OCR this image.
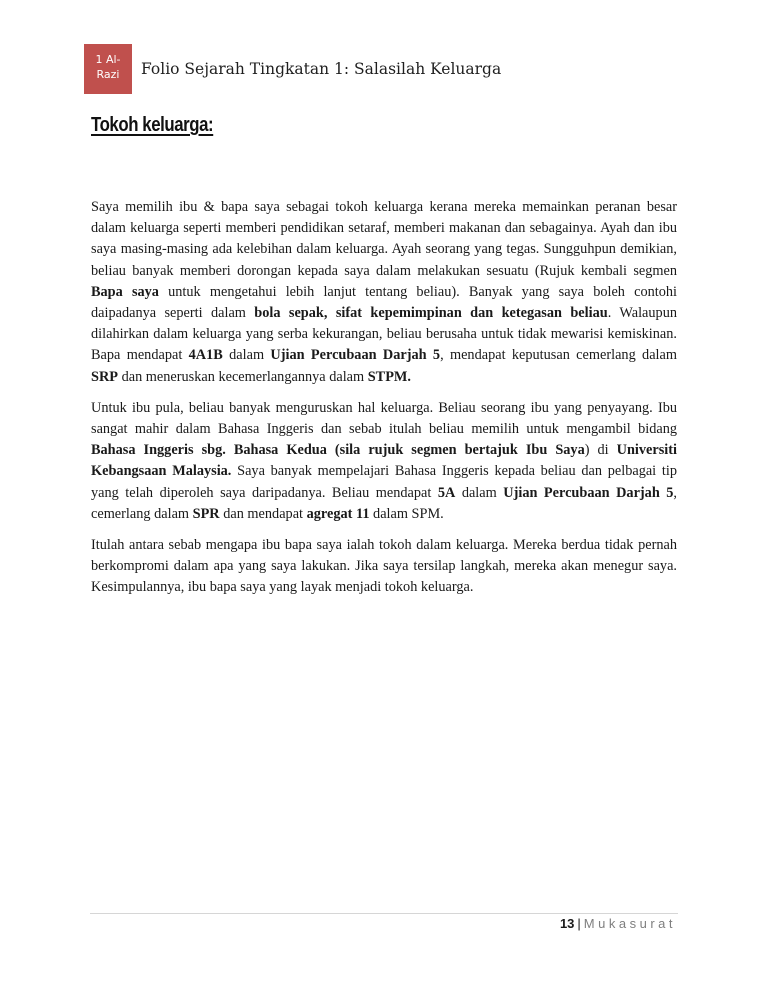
1 Al-
Razi	Folio Sejarah Tingkatan 1: Salasilah Keluarga
Tokoh keluarga:

Saya memilih ibu & bapa saya sebagai tokoh keluarga kerana mereka memainkan peranan besar dalam keluarga seperti memberi pendidikan setaraf, memberi makanan dan sebagainya. Ayah dan ibu saya masing-masing ada kelebihan dalam keluarga. Ayah seorang yang tegas. Sungguhpun demikian, beliau banyak memberi dorongan kepada saya dalam melakukan sesuatu (Rujuk kembali segmen Bapa saya untuk mengetahui lebih lanjut tentang beliau). Banyak yang saya boleh contohi daipadanya seperti dalam bola sepak, sifat kepemimpinan dan ketegasan beliau. Walaupun dilahirkan dalam keluarga yang serba kekurangan, beliau berusaha untuk tidak mewarisi kemiskinan. Bapa mendapat 4A1B dalam Ujian Percubaan Darjah 5, mendapat keputusan cemerlang dalam SRP dan meneruskan kecemerlangannya dalam STPM.

Untuk ibu pula, beliau banyak menguruskan hal keluarga. Beliau seorang ibu yang penyayang. Ibu sangat mahir dalam Bahasa Inggeris dan sebab itulah beliau memilih untuk mengambil bidang Bahasa Inggeris sbg. Bahasa Kedua (sila rujuk segmen bertajuk Ibu Saya) di Universiti Kebangsaan Malaysia. Saya banyak mempelajari Bahasa Inggeris kepada beliau dan pelbagai tip yang telah diperoleh saya daripadanya. Beliau mendapat 5A dalam Ujian Percubaan Darjah 5, cemerlang dalam SPR dan mendapat agregat 11 dalam SPM.

Itulah antara sebab mengapa ibu bapa saya ialah tokoh dalam keluarga. Mereka berdua tidak pernah berkompromi dalam apa yang saya lakukan. Jika saya tersilap langkah, mereka akan menegur saya. Kesimpulannya, ibu bapa saya yang layak menjadi tokoh keluarga.

13 | Mukasurat
